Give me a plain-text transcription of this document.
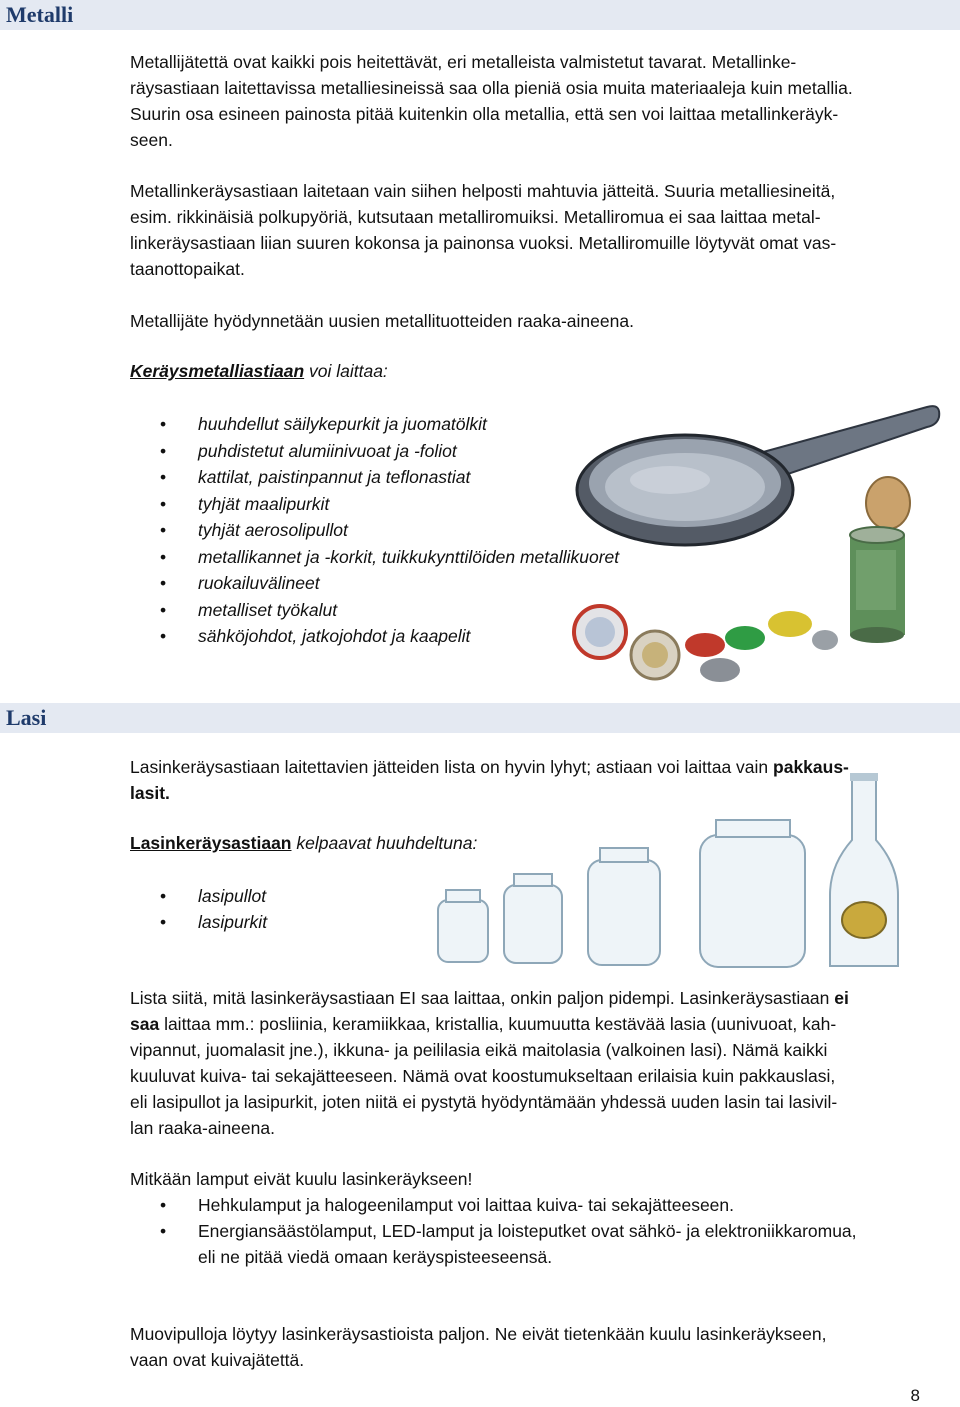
Metalli
Metallijätettä ovat kaikki pois heitettävät, eri metalleista valmistetut tavarat. Metallinke-
räysastiaan laitettavissa metalliesineissä saa olla pieniä osia muita materiaaleja kuin metallia.
Suurin osa esineen painosta pitää kuitenkin olla metallia, että sen voi laittaa metallinkeräyk-
seen.
Metallinkeräysastiaan laitetaan vain siihen helposti mahtuvia jätteitä. Suuria metalliesineitä,
esim. rikkinäisiä polkupyöriä, kutsutaan metalliromuiksi. Metalliromua ei saa laittaa metal-
linkeräysastiaan liian suuren kokonsa ja painonsa vuoksi. Metalliromuille löytyvät omat vas-
taanottopaikat.
Metallijäte hyödynnetään uusien metallituotteiden raaka-aineena.
Keräysmetalliastiaan voi laittaa:
• huuhdellut säilykepurkit ja juomatölkit
• puhdistetut alumiinivuoat ja -foliot
• kattilat, paistinpannut ja teflonastiat
• tyhjät maalipurkit
• tyhjät aerosolipullot
• metallikannet ja -korkit, tuikkukynttilöiden metallikuoret
• ruokailuvälineet
• metalliset työkalut
• sähköjohdot, jatkojohdot ja kaapelit
Lasi
Lasinkeräysastiaan laitettavien jätteiden lista on hyvin lyhyt; astiaan voi laittaa vain pakkaus-
lasit.
Lasinkeräysastiaan kelpaavat huuhdeltuna:
• lasipullot
• lasipurkit
Lista siitä, mitä lasinkeräysastiaan EI saa laittaa, onkin paljon pidempi. Lasinkeräysastiaan ei
saa laittaa mm.: posliinia, keramiikkaa, kristallia, kuumuutta kestävää lasia (uunivuoat, kah-
vipannut, juomalasit jne.), ikkuna- ja peililasia eikä maitolasia (valkoinen lasi). Nämä kaikki
kuuluvat kuiva- tai sekajätteeseen. Nämä ovat koostumukseltaan erilaisia kuin pakkauslasi,
eli lasipullot ja lasipurkit, joten niitä ei pystytä hyödyntämään yhdessä uuden lasin tai lasivil-
lan raaka-aineena.
Mitkään lamput eivät kuulu lasinkeräykseen!
• Hehkulamput ja halogeenilamput voi laittaa kuiva- tai sekajätteeseen.
• Energiansäästölamput, LED-lamput ja loisteputket ovat sähkö- ja elektroniikkaromua,
eli ne pitää viedä omaan keräyspisteeseensä.
Muovipulloja löytyy lasinkeräysastioista paljon. Ne eivät tietenkään kuulu lasinkeräykseen,
vaan ovat kuivajätettä.
8
